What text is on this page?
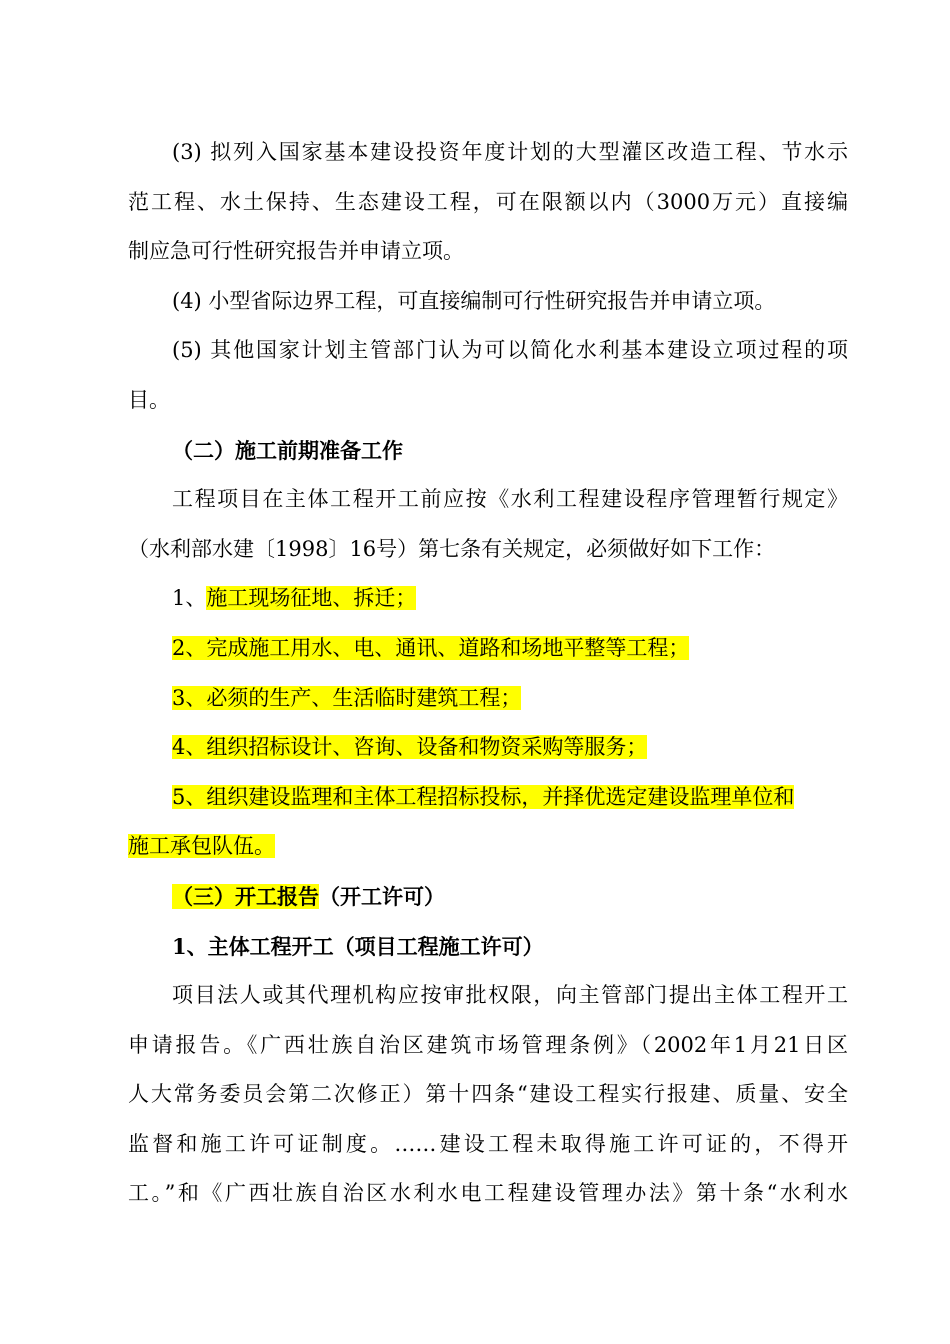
(3) 拟列入国家基本建设投资年度计划的大型灌区改造工程、节水示
范工程、水土保持、生态建设工程，可在限额以内（3000万元）直接编
制应急可行性研究报告并申请立项。
(4) 小型省际边界工程，可直接编制可行性研究报告并申请立项。
(5) 其他国家计划主管部门认为可以简化水利基本建设立项过程的项
目。
（二）施工前期准备工作
工程项目在主体工程开工前应按《水利工程建设程序管理暂行规定》
（水利部水建〔1998〕16号）第七条有关规定，必须做好如下工作：
1、施工现场征地、拆迁；
2、完成施工用水、电、通讯、道路和场地平整等工程；
3、必须的生产、生活临时建筑工程；
4、组织招标设计、咨询、设备和物资采购等服务；
5、组织建设监理和主体工程招标投标，并择优选定建设监理单位和
施工承包队伍。
（三）开工报告（开工许可）
1、主体工程开工（项目工程施工许可）
项目法人或其代理机构应按审批权限，向主管部门提出主体工程开工
申请报告。《广西壮族自治区建筑市场管理条例》（2002年1月21日区
人大常务委员会第二次修正）第十四条“建设工程实行报建、质量、安全
监督和施工许可证制度。……建设工程未取得施工许可证的，不得开
工。”和《广西壮族自治区水利水电工程建设管理办法》第十条“水利水
